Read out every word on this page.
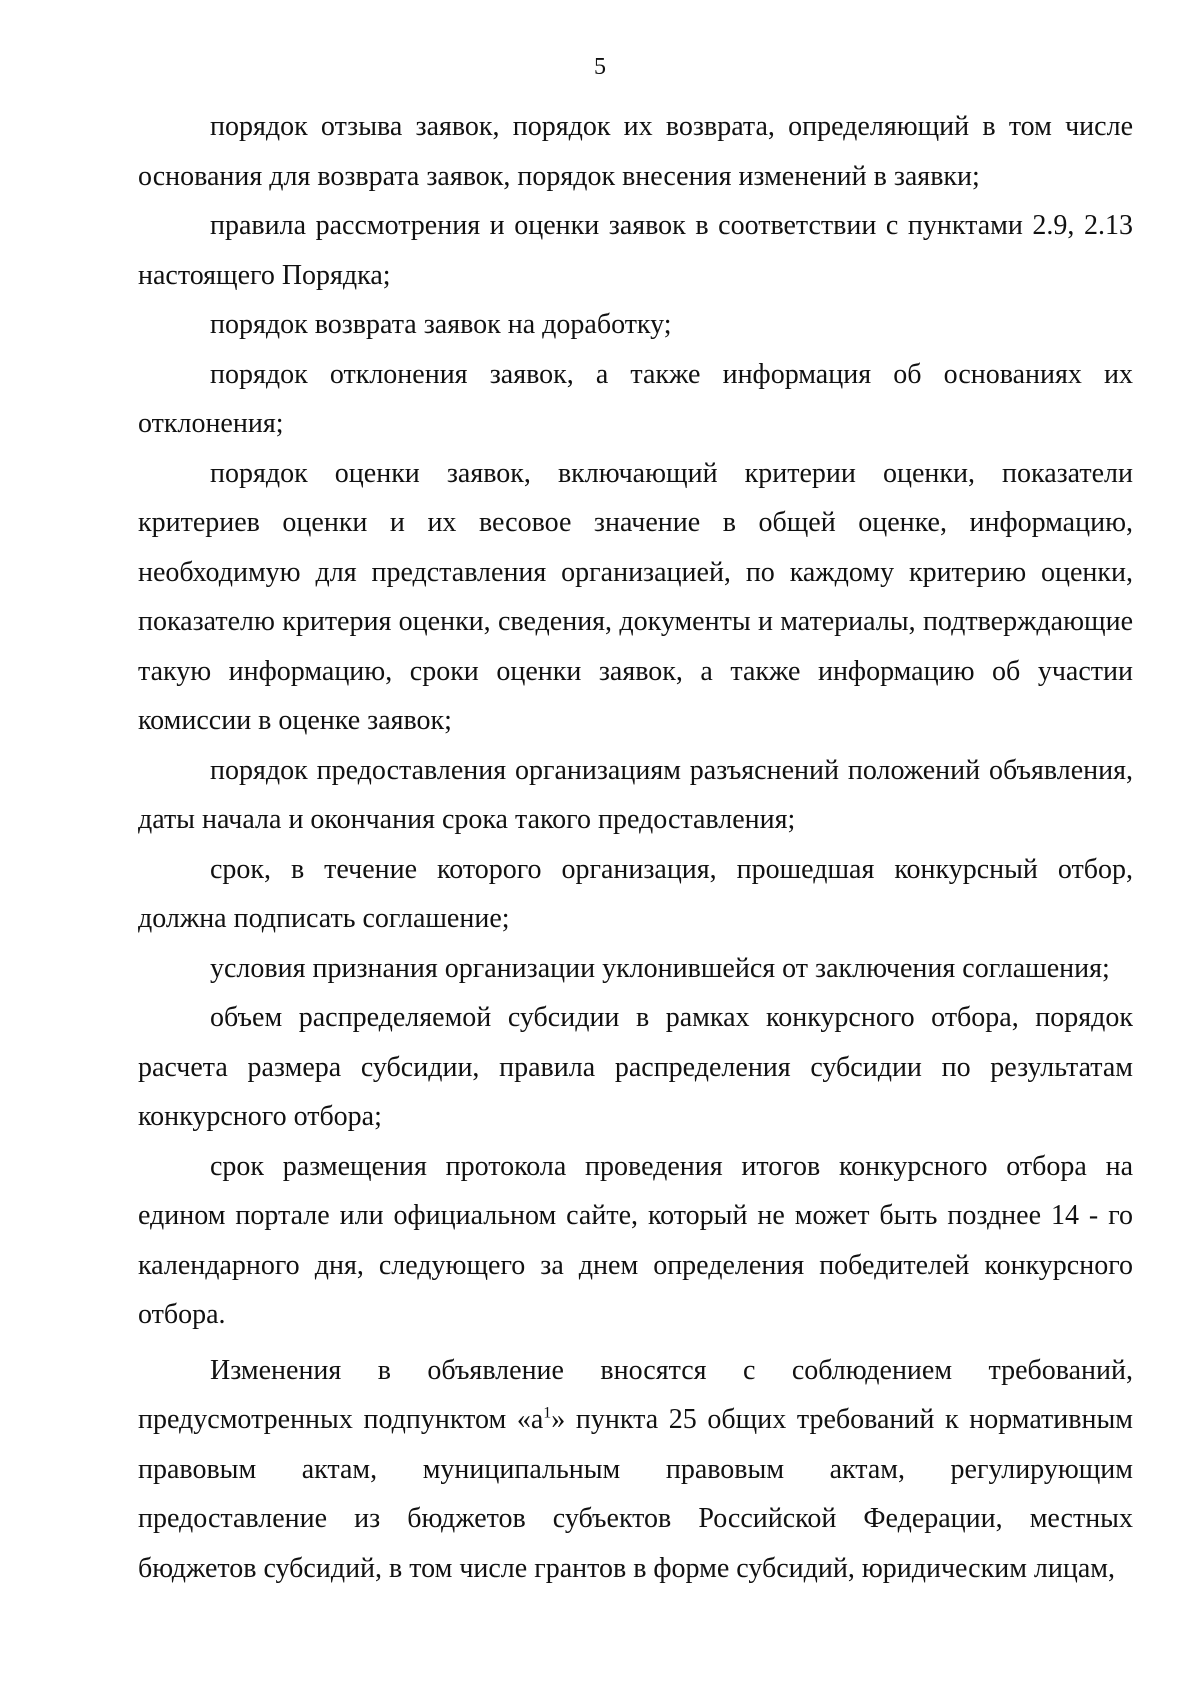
5

порядок отзыва заявок, порядок их возврата, определяющий в том числе основания для возврата заявок, порядок внесения изменений в заявки;

правила рассмотрения и оценки заявок в соответствии с пунктами 2.9, 2.13 настоящего Порядка;

порядок возврата заявок на доработку;

порядок отклонения заявок, а также информация об основаниях их отклонения;

порядок оценки заявок, включающий критерии оценки, показатели критериев оценки и их весовое значение в общей оценке, информацию, необходимую для представления организацией, по каждому критерию оценки, показателю критерия оценки, сведения, документы и материалы, подтверждающие такую информацию, сроки оценки заявок, а также информацию об участии комиссии в оценке заявок;

порядок предоставления организациям разъяснений положений объявления, даты начала и окончания срока такого предоставления;

срок, в течение которого организация, прошедшая конкурсный отбор, должна подписать соглашение;

условия признания организации уклонившейся от заключения соглашения;

объем распределяемой субсидии в рамках конкурсного отбора, порядок расчета размера субсидии, правила распределения субсидии по результатам конкурсного отбора;

срок размещения протокола проведения итогов конкурсного отбора на едином портале или официальном сайте, который не может быть позднее 14 - го календарного дня, следующего за днем определения победителей конкурсного отбора.

Изменения в объявление вносятся с соблюдением требований, предусмотренных подпунктом «$а^1$» пункта 25 общих требований к нормативным правовым актам, муниципальным правовым актам, регулирующим предоставление из бюджетов субъектов Российской Федерации, местных бюджетов субсидий, в том числе грантов в форме субсидий, юридическим лицам,
